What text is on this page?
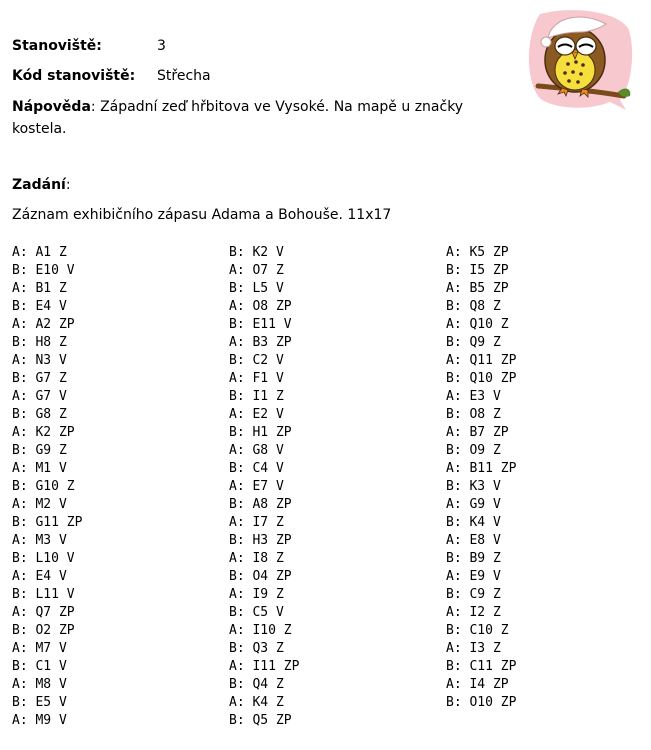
Stanoviště:	3
Kód stanoviště: Střecha
Nápověda: Západní zeď hřbitova ve Vysoké. Na mapě u značky kostela.
Zadání:
Záznam exhibičního zápasu Adama a Bohouše. 11x17
A: A1 Z
B: E10 V
A: B1 Z
B: E4 V
A: A2 ZP
B: H8 Z
A: N3 V
B: G7 Z
A: G7 V
B: G8 Z
A: K2 ZP
B: G9 Z
A: M1 V
B: G10 Z
A: M2 V
B: G11 ZP
A: M3 V
B: L10 V
A: E4 V
B: L11 V
A: Q7 ZP
B: O2 ZP
A: M7 V
B: C1 V
A: M8 V
B: E5 V
A: M9 V
B: K2 V
A: O7 Z
B: L5 V
A: O8 ZP
B: E11 V
A: B3 ZP
B: C2 V
A: F1 V
B: I1 Z
A: E2 V
B: H1 ZP
A: G8 V
B: C4 V
A: E7 V
B: A8 ZP
A: I7 Z
B: H3 ZP
A: I8 Z
B: O4 ZP
A: I9 Z
B: C5 V
A: I10 Z
B: Q3 Z
A: I11 ZP
B: Q4 Z
A: K4 Z
B: Q5 ZP
A: K5 ZP
B: I5 ZP
A: B5 ZP
B: Q8 Z
A: Q10 Z
B: Q9 Z
A: Q11 ZP
B: Q10 ZP
A: E3 V
B: O8 Z
A: B7 ZP
B: O9 Z
A: B11 ZP
B: K3 V
A: G9 V
B: K4 V
A: E8 V
B: B9 Z
A: E9 V
B: C9 Z
A: I2 Z
B: C10 Z
A: I3 Z
B: C11 ZP
A: I4 ZP
B: O10 ZP
